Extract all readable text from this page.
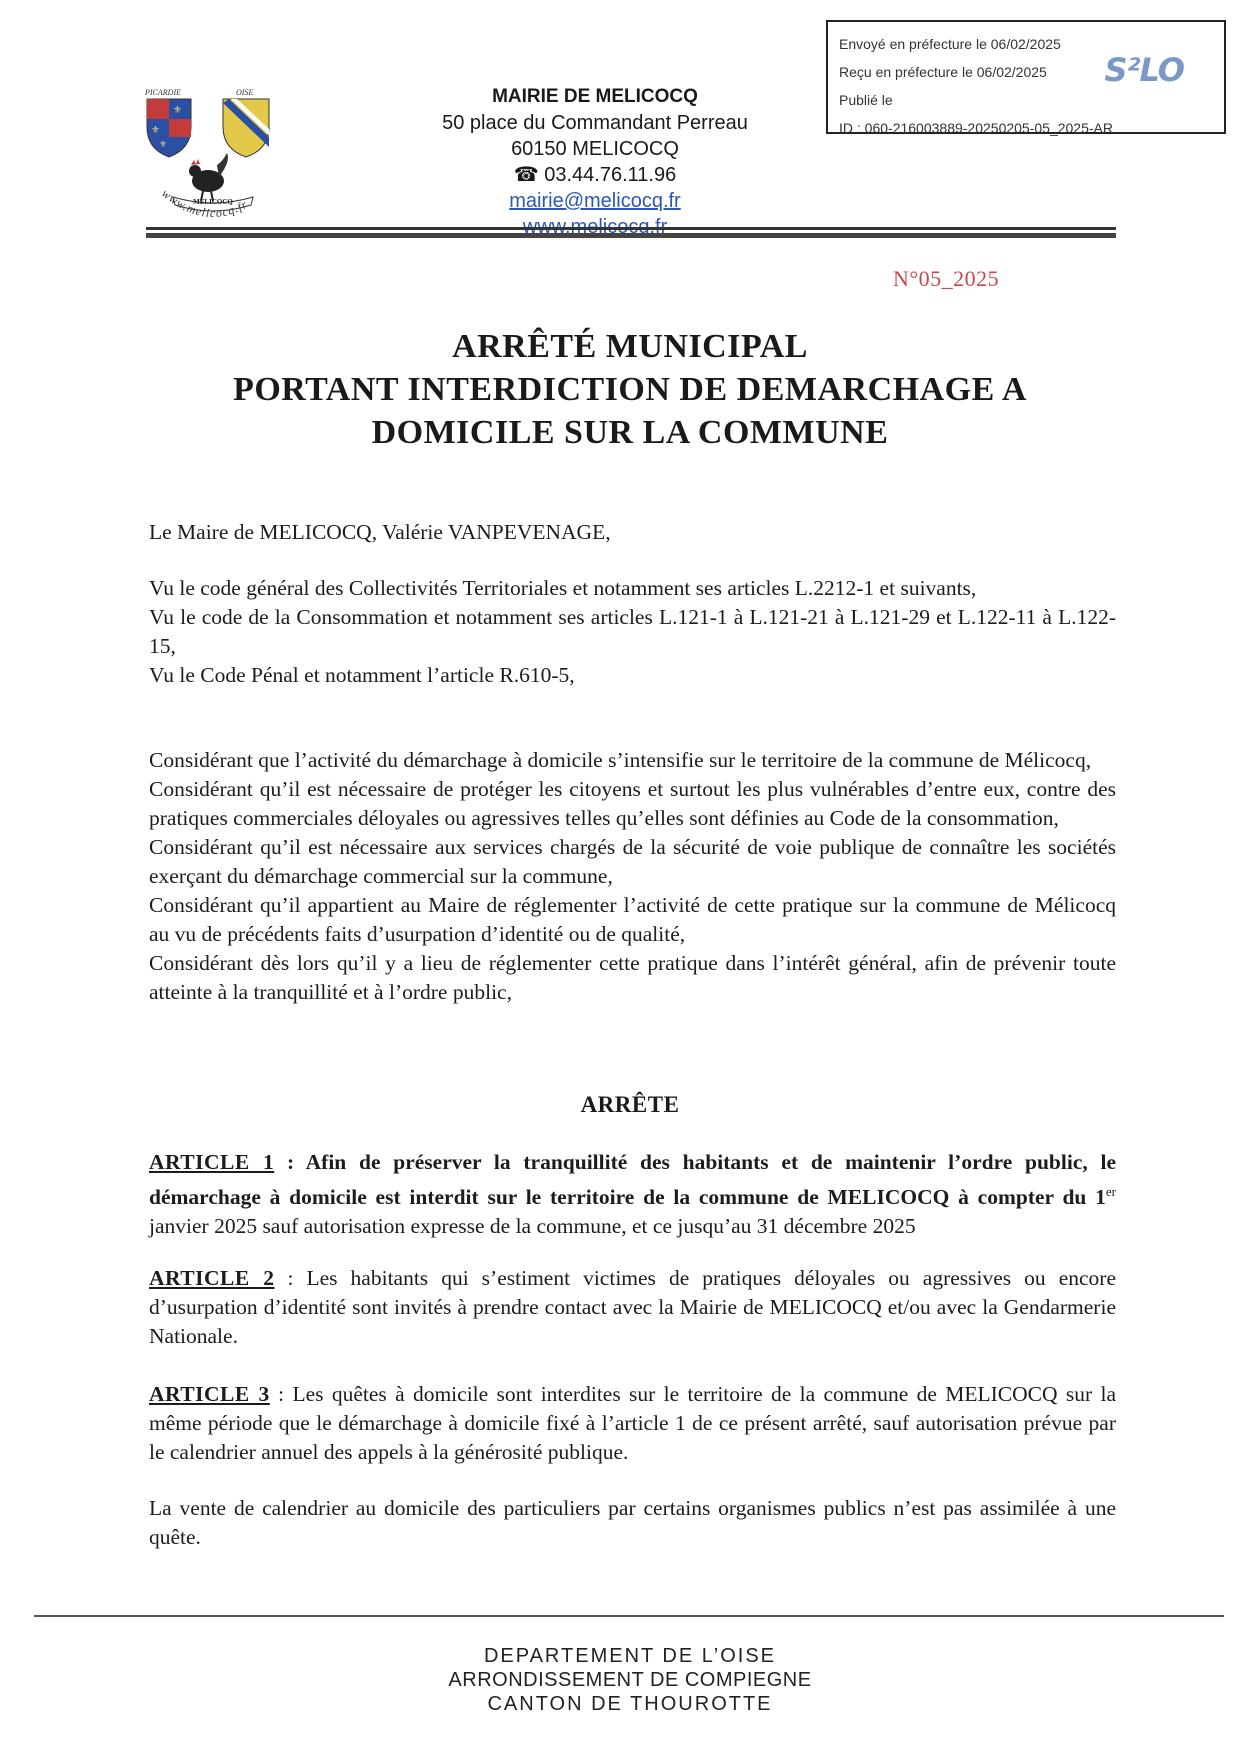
Envoyé en préfecture le 06/02/2025
Reçu en préfecture le 06/02/2025
Publié le
ID : 060-216003889-20250205-05_2025-AR
S²LO
PICARDIE	OISE
⚜
⚜
⚜
MELICOCQ
www.melicocq.fr
MAIRIE DE MELICOCQ
50 place du Commandant Perreau
60150 MELICOCQ
☎ 03.44.76.11.96
mairie@melicocq.fr
N°05_2025
ARRÊTÉ MUNICIPAL
PORTANT INTERDICTION DE DEMARCHAGE A
DOMICILE SUR LA COMMUNE

Le Maire de MELICOCQ, Valérie VANPEVENAGE,

Vu le code général des Collectivités Territoriales et notamment ses articles L.2212-1 et suivants,

Vu le code de la Consommation et notamment ses articles L.121-1 à L.121-21 à L.121-29 et L.122-11 à L.122-15,

Vu le Code Pénal et notamment l’article R.610-5,

Considérant que l’activité du démarchage à domicile s’intensifie sur le territoire de la commune de Mélicocq,

Considérant qu’il est nécessaire de protéger les citoyens et surtout les plus vulnérables d’entre eux, contre des pratiques commerciales déloyales ou agressives telles qu’elles sont définies au Code de la consommation,

Considérant qu’il est nécessaire aux services chargés de la sécurité de voie publique de connaître les sociétés exerçant du démarchage commercial sur la commune,

Considérant qu’il appartient au Maire de réglementer l’activité de cette pratique sur la commune de Mélicocq au vu de précédents faits d’usurpation d’identité ou de qualité,

Considérant dès lors qu’il y a lieu de réglementer cette pratique dans l’intérêt général, afin de prévenir toute atteinte à la tranquillité et à l’ordre public,

ARRÊTE

ARTICLE 1 : Afin de préserver la tranquillité des habitants et de maintenir l’ordre public, le démarchage à domicile est interdit sur le territoire de la commune de MELICOCQ à compter du 1er janvier 2025 sauf autorisation expresse de la commune, et ce jusqu’au 31 décembre 2025

ARTICLE 2 : Les habitants qui s’estiment victimes de pratiques déloyales ou agressives ou encore d’usurpation d’identité sont invités à prendre contact avec la Mairie de MELICOCQ et/ou avec la Gendarmerie Nationale.

ARTICLE 3 : Les quêtes à domicile sont interdites sur le territoire de la commune de MELICOCQ sur la même période que le démarchage à domicile fixé à l’article 1 de ce présent arrêté, sauf autorisation prévue par le calendrier annuel des appels à la générosité publique.

La vente de calendrier au domicile des particuliers par certains organismes publics n’est pas assimilée à une quête.

DEPARTEMENT DE L’OISE
ARRONDISSEMENT DE COMPIEGNE
CANTON DE THOUROTTE
